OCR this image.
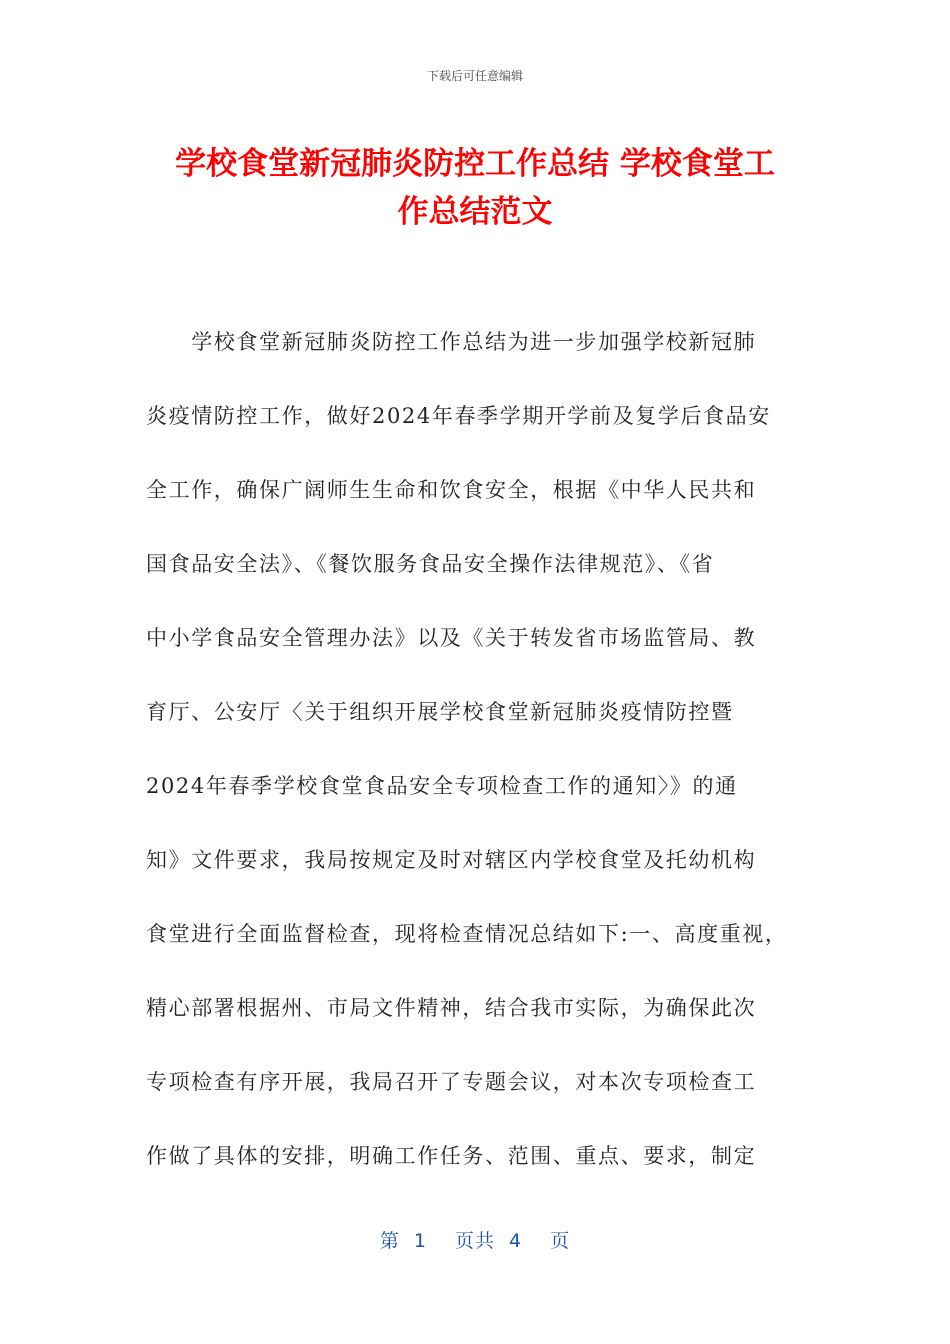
下载后可任意编辑
学校食堂新冠肺炎防控工作总结 学校食堂工
作总结范文
　　学校食堂新冠肺炎防控工作总结为进一步加强学校新冠肺
炎疫情防控工作，做好2024年春季学期开学前及复学后食品安
全工作，确保广阔师生生命和饮食安全，根据《中华人民共和
国食品安全法》、《餐饮服务食品安全操作法律规范》、《省
中小学食品安全管理办法》以及《关于转发省市场监管局、教
育厅、公安厅〈关于组织开展学校食堂新冠肺炎疫情防控暨
2024年春季学校食堂食品安全专项检查工作的通知〉》的通
知》文件要求，我局按规定及时对辖区内学校食堂及托幼机构
食堂进行全面监督检查，现将检查情况总结如下:一、高度重视，
精心部署根据州、市局文件精神，结合我市实际，为确保此次
专项检查有序开展，我局召开了专题会议，对本次专项检查工
作做了具体的安排，明确工作任务、范围、重点、要求，制定
第 1 页共 4 页
